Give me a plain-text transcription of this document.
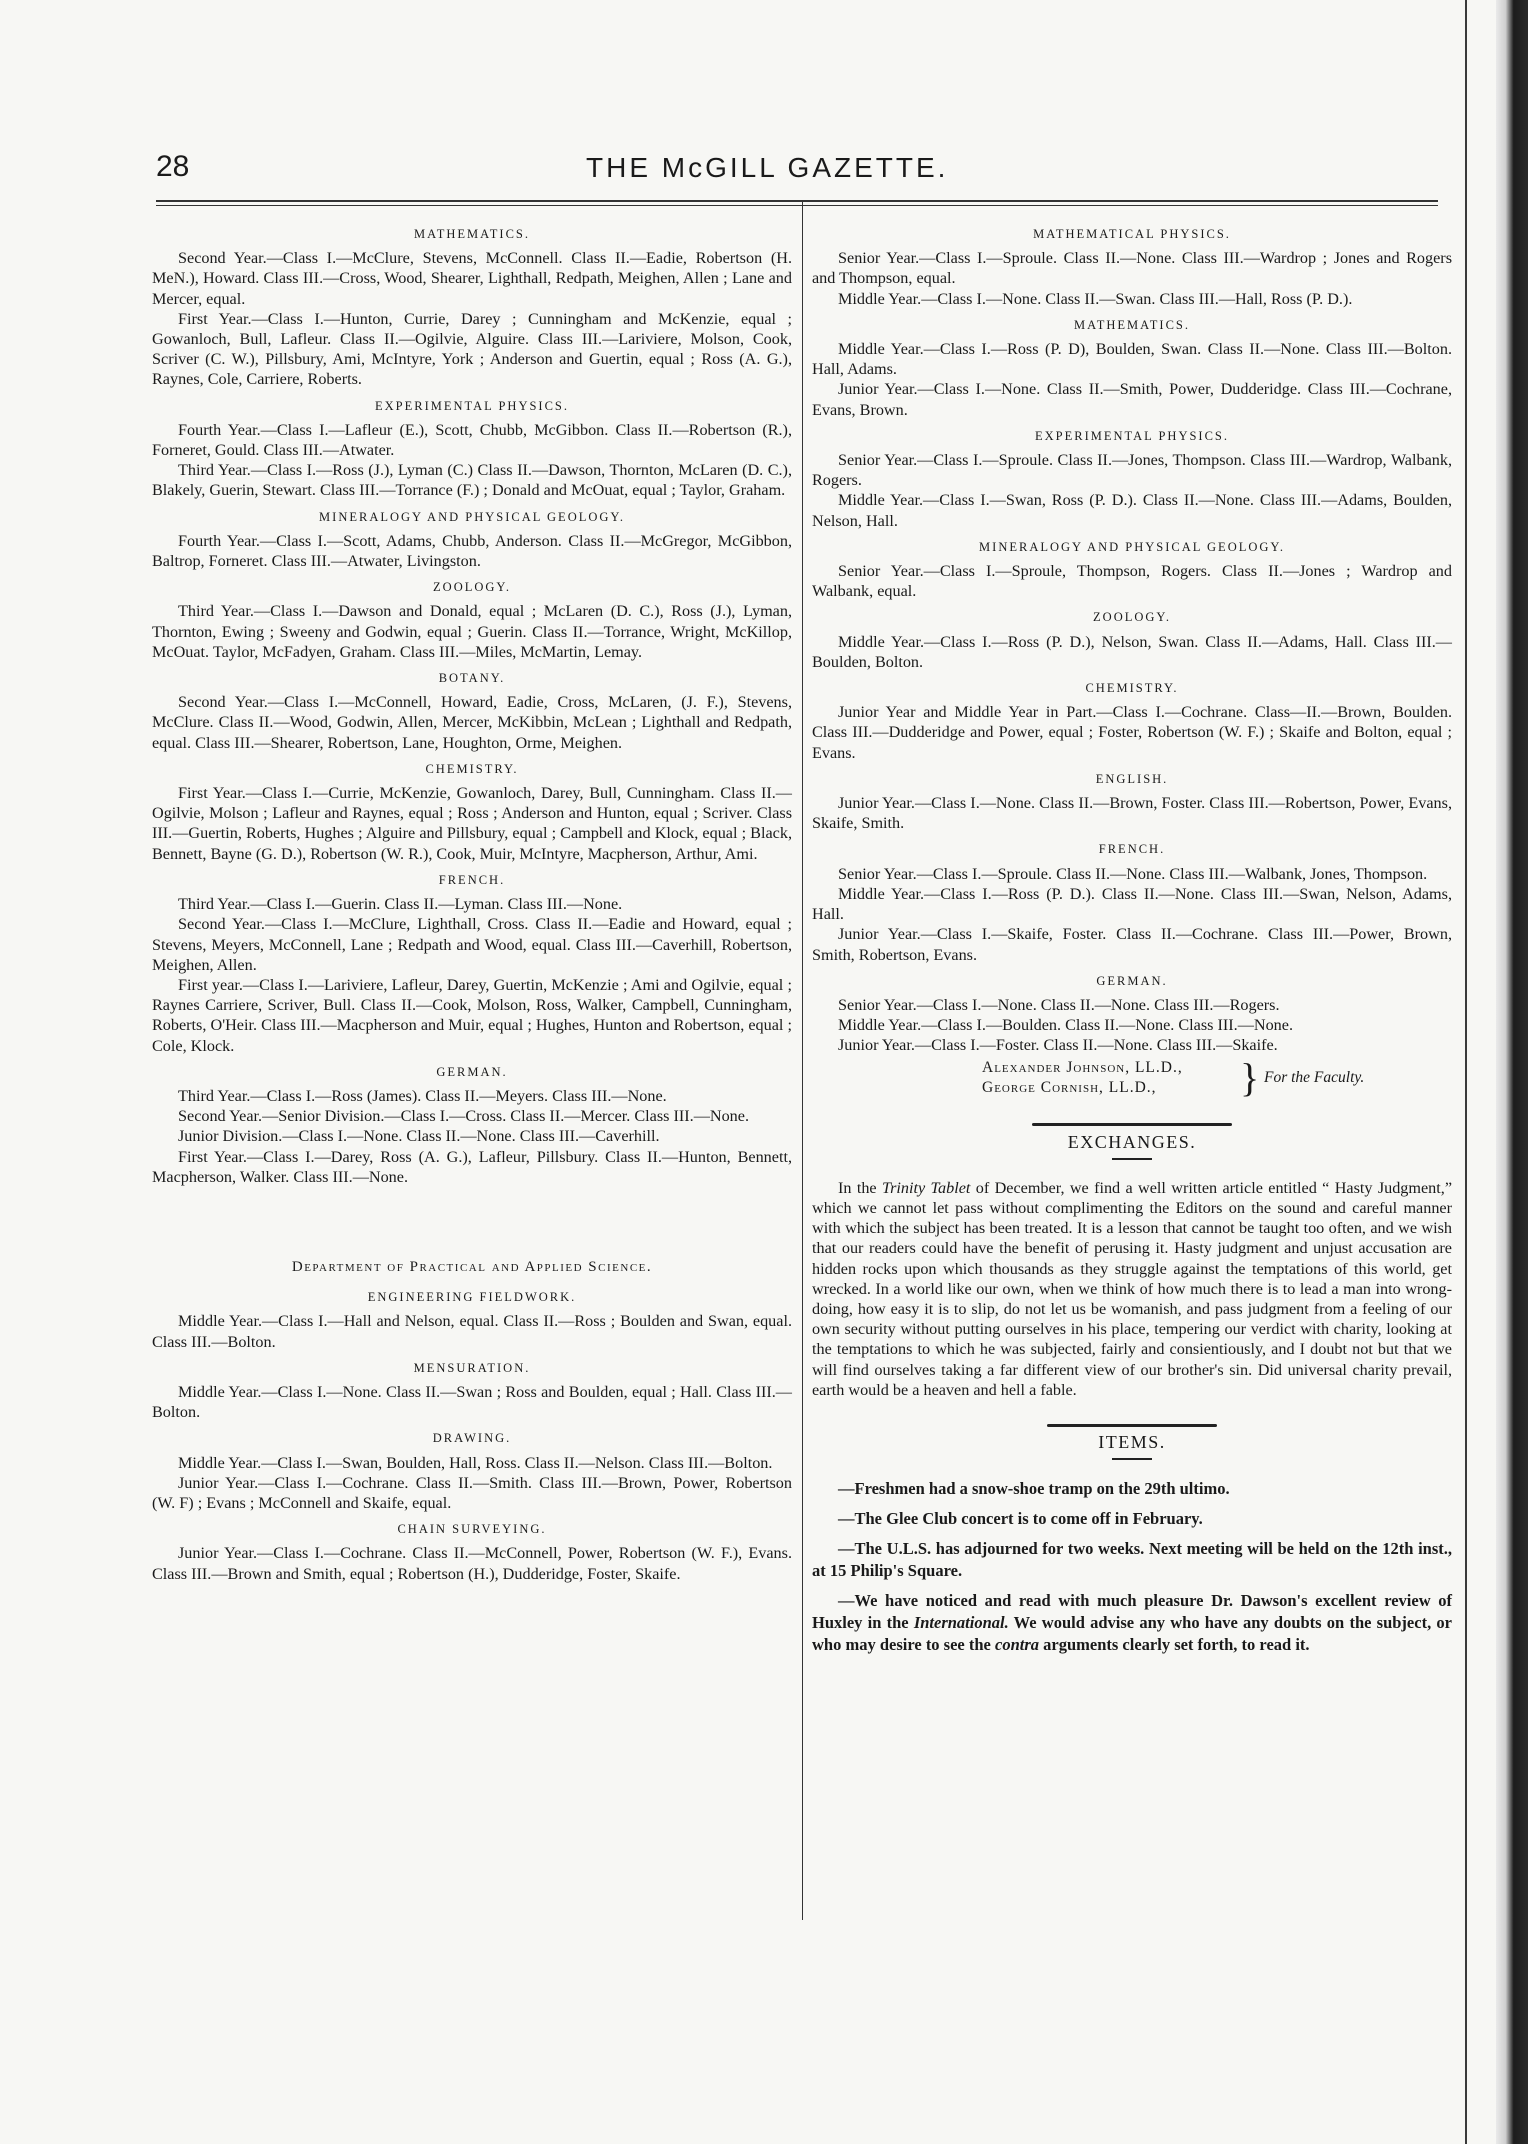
28	THE McGILL GAZETTE.
MATHEMATICS.

Second Year.—Class I.—McClure, Stevens, McConnell. Class II.—Eadie, Robertson (H. MeN.), Howard. Class III.—Cross, Wood, Shearer, Lighthall, Redpath, Meighen, Allen ; Lane and Mercer, equal.

First Year.—Class I.—Hunton, Currie, Darey ; Cunningham and McKenzie, equal ; Gowanloch, Bull, Lafleur. Class II.—Ogilvie, Alguire. Class III.—Lariviere, Molson, Cook, Scriver (C. W.), Pillsbury, Ami, McIntyre, York ; Anderson and Guertin, equal ; Ross (A. G.), Raynes, Cole, Carriere, Roberts.

EXPERIMENTAL PHYSICS.

Fourth Year.—Class I.—Lafleur (E.), Scott, Chubb, McGibbon. Class II.—Robertson (R.), Forneret, Gould. Class III.—Atwater.

Third Year.—Class I.—Ross (J.), Lyman (C.) Class II.—Dawson, Thornton, McLaren (D. C.), Blakely, Guerin, Stewart. Class III.—Torrance (F.) ; Donald and McOuat, equal ; Taylor, Graham.

MINERALOGY AND PHYSICAL GEOLOGY.

Fourth Year.—Class I.—Scott, Adams, Chubb, Anderson. Class II.—McGregor, McGibbon, Baltrop, Forneret. Class III.—Atwater, Livingston.

ZOOLOGY.

Third Year.—Class I.—Dawson and Donald, equal ; McLaren (D. C.), Ross (J.), Lyman, Thornton, Ewing ; Sweeny and Godwin, equal ; Guerin. Class II.—Torrance, Wright, McKillop, McOuat. Taylor, McFadyen, Graham. Class III.—Miles, McMartin, Lemay.

BOTANY.

Second Year.—Class I.—McConnell, Howard, Eadie, Cross, McLaren, (J. F.), Stevens, McClure. Class II.—Wood, Godwin, Allen, Mercer, McKibbin, McLean ; Lighthall and Redpath, equal. Class III.—Shearer, Robertson, Lane, Houghton, Orme, Meighen.

CHEMISTRY.

First Year.—Class I.—Currie, McKenzie, Gowanloch, Darey, Bull, Cunningham. Class II.—Ogilvie, Molson ; Lafleur and Raynes, equal ; Ross ; Anderson and Hunton, equal ; Scriver. Class III.—Guertin, Roberts, Hughes ; Alguire and Pillsbury, equal ; Campbell and Klock, equal ; Black, Bennett, Bayne (G. D.), Robertson (W. R.), Cook, Muir, McIntyre, Macpherson, Arthur, Ami.

FRENCH.

Third Year.—Class I.—Guerin. Class II.—Lyman. Class III.—None.

Second Year.—Class I.—McClure, Lighthall, Cross. Class II.—Eadie and Howard, equal ; Stevens, Meyers, McConnell, Lane ; Redpath and Wood, equal. Class III.—Caverhill, Robertson, Meighen, Allen.

First year.—Class I.—Lariviere, Lafleur, Darey, Guertin, McKenzie ; Ami and Ogilvie, equal ; Raynes Carriere, Scriver, Bull. Class II.—Cook, Molson, Ross, Walker, Campbell, Cunningham, Roberts, O'Heir. Class III.—Macpherson and Muir, equal ; Hughes, Hunton and Robertson, equal ; Cole, Klock.

GERMAN.

Third Year.—Class I.—Ross (James). Class II.—Meyers. Class III.—None.

Second Year.—Senior Division.—Class I.—Cross. Class II.—Mercer. Class III.—None.

Junior Division.—Class I.—None. Class II.—None. Class III.—Caverhill.

First Year.—Class I.—Darey, Ross (A. G.), Lafleur, Pillsbury. Class II.—Hunton, Bennett, Macpherson, Walker. Class III.—None.

Department of Practical and Applied Science.
ENGINEERING FIELDWORK.

Middle Year.—Class I.—Hall and Nelson, equal. Class II.—Ross ; Boulden and Swan, equal. Class III.—Bolton.

MENSURATION.

Middle Year.—Class I.—None. Class II.—Swan ; Ross and Boulden, equal ; Hall. Class III.—Bolton.

DRAWING.

Middle Year.—Class I.—Swan, Boulden, Hall, Ross. Class II.—Nelson. Class III.—Bolton.

Junior Year.—Class I.—Cochrane. Class II.—Smith. Class III.—Brown, Power, Robertson (W. F) ; Evans ; McConnell and Skaife, equal.

CHAIN SURVEYING.

Junior Year.—Class I.—Cochrane. Class II.—McConnell, Power, Robertson (W. F.), Evans. Class III.—Brown and Smith, equal ; Robertson (H.), Dudderidge, Foster, Skaife.

MATHEMATICAL PHYSICS.

Senior Year.—Class I.—Sproule. Class II.—None. Class III.—Wardrop ; Jones and Rogers and Thompson, equal.

Middle Year.—Class I.—None. Class II.—Swan. Class III.—Hall, Ross (P. D.).

MATHEMATICS.

Middle Year.—Class I.—Ross (P. D), Boulden, Swan. Class II.—None. Class III.—Bolton. Hall, Adams.

Junior Year.—Class I.—None. Class II.—Smith, Power, Dudderidge. Class III.—Cochrane, Evans, Brown.

EXPERIMENTAL PHYSICS.

Senior Year.—Class I.—Sproule. Class II.—Jones, Thompson. Class III.—Wardrop, Walbank, Rogers.

Middle Year.—Class I.—Swan, Ross (P. D.). Class II.—None. Class III.—Adams, Boulden, Nelson, Hall.

MINERALOGY AND PHYSICAL GEOLOGY.

Senior Year.—Class I.—Sproule, Thompson, Rogers. Class II.—Jones ; Wardrop and Walbank, equal.

ZOOLOGY.

Middle Year.—Class I.—Ross (P. D.), Nelson, Swan. Class II.—Adams, Hall. Class III.—Boulden, Bolton.

CHEMISTRY.

Junior Year and Middle Year in Part.—Class I.—Cochrane. Class—II.—Brown, Boulden. Class III.—Dudderidge and Power, equal ; Foster, Robertson (W. F.) ; Skaife and Bolton, equal ; Evans.

ENGLISH.

Junior Year.—Class I.—None. Class II.—Brown, Foster. Class III.—Robertson, Power, Evans, Skaife, Smith.

FRENCH.

Senior Year.—Class I.—Sproule. Class II.—None. Class III.—Walbank, Jones, Thompson.

Middle Year.—Class I.—Ross (P. D.). Class II.—None. Class III.—Swan, Nelson, Adams, Hall.

Junior Year.—Class I.—Skaife, Foster. Class II.—Cochrane. Class III.—Power, Brown, Smith, Robertson, Evans.

GERMAN.

Senior Year.—Class I.—None. Class II.—None. Class III.—Rogers.

Middle Year.—Class I.—Boulden. Class II.—None. Class III.—None.

Junior Year.—Class I.—Foster. Class II.—None. Class III.—Skaife.

Alexander Johnson, LL.D.,
George Cornish, LL.D.,	} For the Faculty.
EXCHANGES.

In the Trinity Tablet of December, we find a well written article entitled “ Hasty Judgment,” which we cannot let pass without complimenting the Editors on the sound and careful manner with which the subject has been treated. It is a lesson that cannot be taught too often, and we wish that our readers could have the benefit of perusing it. Hasty judgment and unjust accusation are hidden rocks upon which thousands as they struggle against the temptations of this world, get wrecked. In a world like our own, when we think of how much there is to lead a man into wrong-doing, how easy it is to slip, do not let us be womanish, and pass judgment from a feeling of our own security without putting ourselves in his place, tempering our verdict with charity, looking at the temptations to which he was subjected, fairly and consientiously, and I doubt not but that we will find ourselves taking a far different view of our brother's sin. Did universal charity prevail, earth would be a heaven and hell a fable.

ITEMS.

—Freshmen had a snow-shoe tramp on the 29th ultimo.

—The Glee Club concert is to come off in February.

—The U.L.S. has adjourned for two weeks. Next meeting will be held on the 12th inst., at 15 Philip's Square.

—We have noticed and read with much pleasure Dr. Dawson's excellent review of Huxley in the International. We would advise any who have any doubts on the subject, or who may desire to see the contra arguments clearly set forth, to read it.
